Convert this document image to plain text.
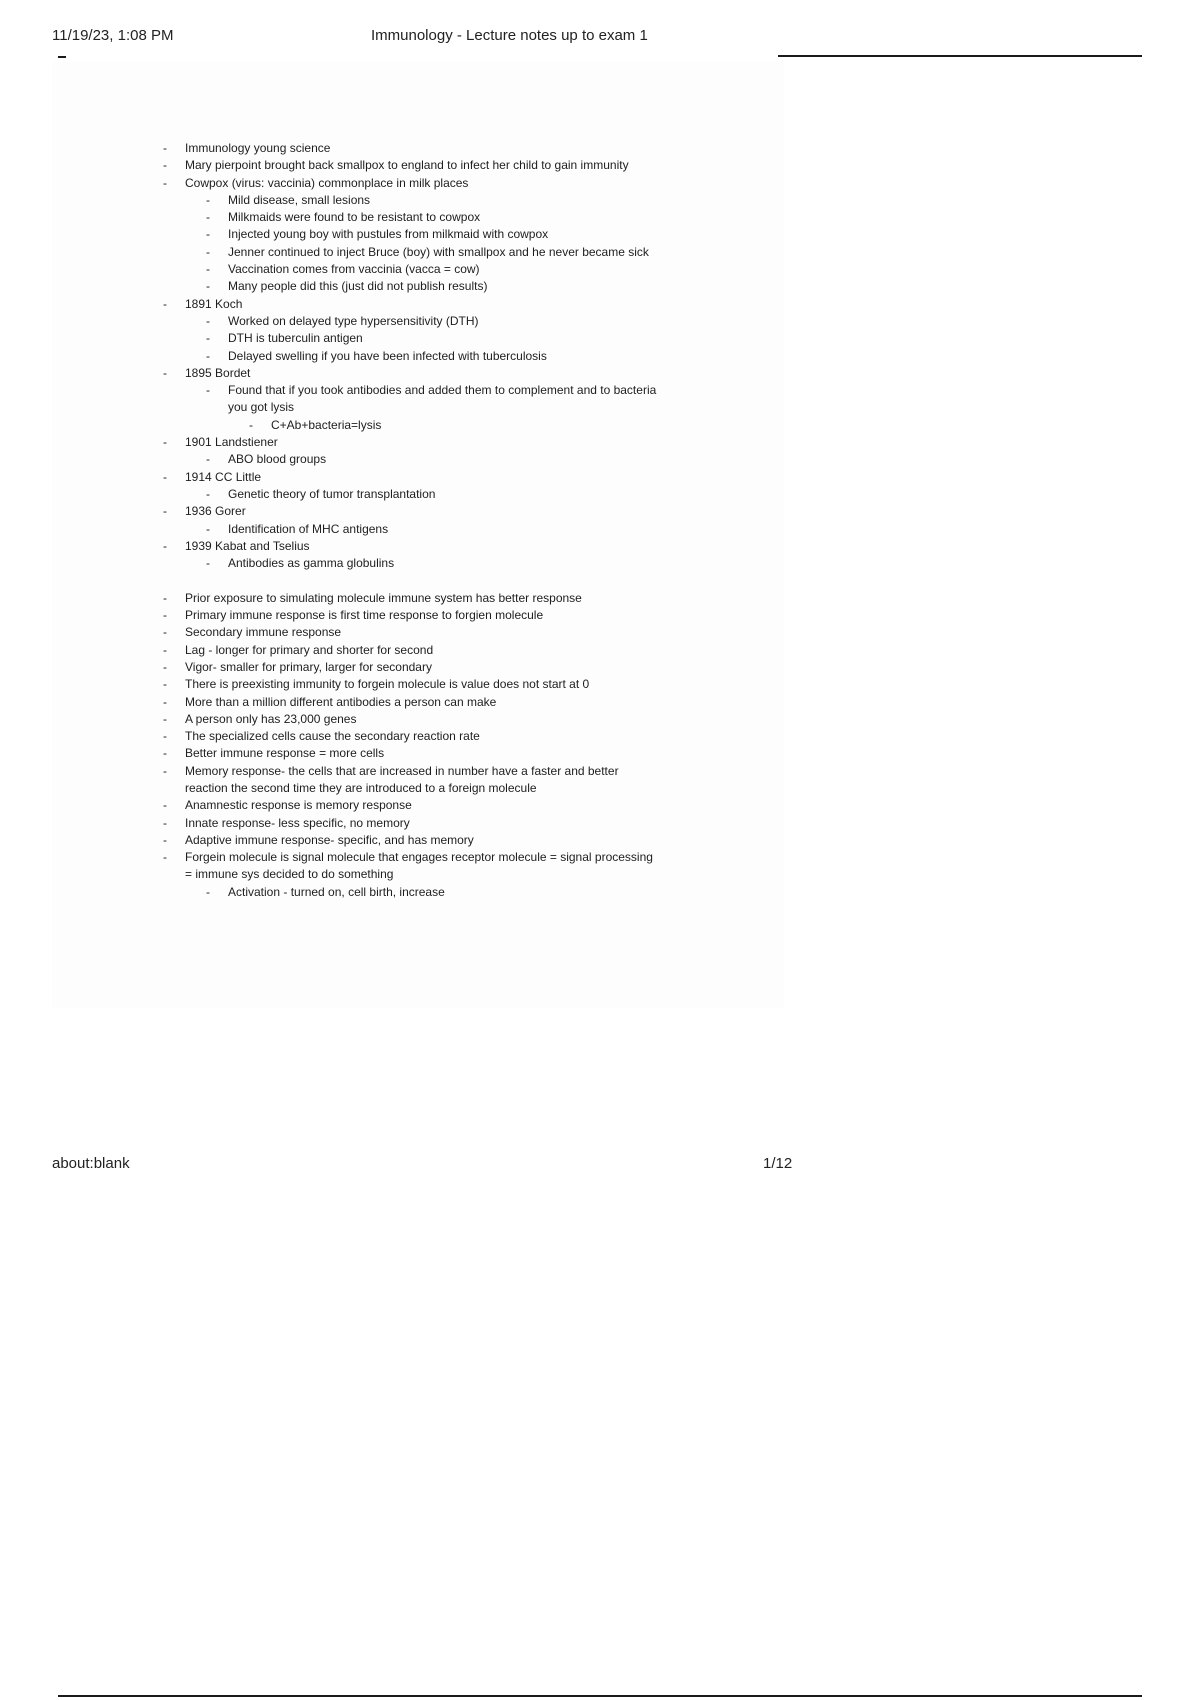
11/19/23, 1:08 PM	Immunology - Lecture notes up to exam 1
- Immunology young science
- Mary pierpoint brought back smallpox to england to infect her child to gain immunity
- Cowpox (virus: vaccinia) commonplace in milk places
- Mild disease, small lesions
- Milkmaids were found to be resistant to cowpox
- Injected young boy with pustules from milkmaid with cowpox
- Jenner continued to inject Bruce (boy) with smallpox and he never became sick
- Vaccination comes from vaccinia (vacca = cow)
- Many people did this (just did not publish results)
- 1891 Koch
- Worked on delayed type hypersensitivity (DTH)
- DTH is tuberculin antigen
- Delayed swelling if you have been infected with tuberculosis
- 1895 Bordet
- Found that if you took antibodies and added them to complement and to bacteria
you got lysis
- C+Ab+bacteria=lysis
- 1901 Landstiener
- ABO blood groups
- 1914 CC Little
- Genetic theory of tumor transplantation
- 1936 Gorer
- Identification of MHC antigens
- 1939 Kabat and Tselius
- Antibodies as gamma globulins
- Prior exposure to simulating molecule immune system has better response
- Primary immune response is first time response to forgien molecule
- Secondary immune response
- Lag - longer for primary and shorter for second
- Vigor- smaller for primary, larger for secondary
- There is preexisting immunity to forgein molecule is value does not start at 0
- More than a million different antibodies a person can make
- A person only has 23,000 genes
- The specialized cells cause the secondary reaction rate
- Better immune response = more cells
- Memory response- the cells that are increased in number have a faster and better
reaction the second time they are introduced to a foreign molecule
- Anamnestic response is memory response
- Innate response- less specific, no memory
- Adaptive immune response- specific, and has memory
- Forgein molecule is signal molecule that engages receptor molecule = signal processing
= immune sys decided to do something
- Activation - turned on, cell birth, increase
about:blank	1/12
